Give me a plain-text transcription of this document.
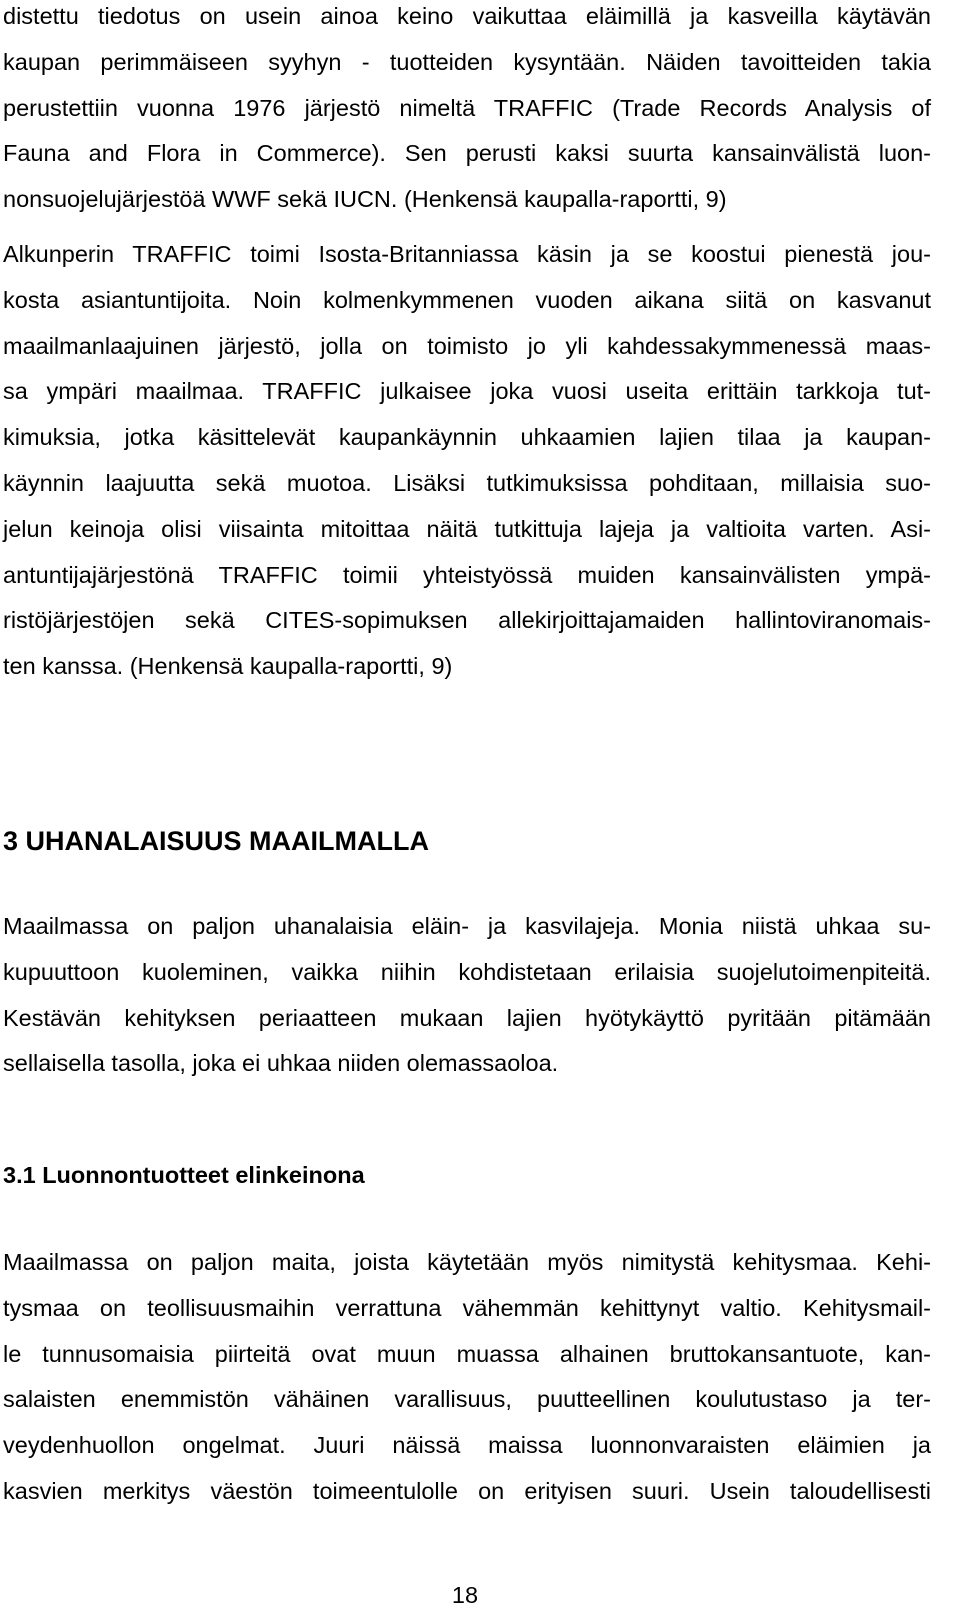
distettu tiedotus on usein ainoa keino vaikuttaa eläimillä ja kasveilla käytävän
kaupan perimmäiseen syyhyn - tuotteiden kysyntään. Näiden tavoitteiden takia
perustettiin vuonna 1976 järjestö nimeltä TRAFFIC (Trade Records Analysis of
Fauna and Flora in Commerce). Sen perusti kaksi suurta kansainvälistä luon-
nonsuojelujärjestöä WWF sekä IUCN. (Henkensä kaupalla-raportti, 9)
Alkunperin TRAFFIC toimi Isosta-Britanniassa käsin ja se koostui pienestä jou-
kosta asiantuntijoita. Noin kolmenkymmenen vuoden aikana siitä on kasvanut
maailmanlaajuinen järjestö, jolla on toimisto jo yli kahdessakymmenessä maas-
sa ympäri maailmaa. TRAFFIC julkaisee joka vuosi useita erittäin tarkkoja tut-
kimuksia, jotka käsittelevät kaupankäynnin uhkaamien lajien tilaa ja kaupan-
käynnin laajuutta sekä muotoa. Lisäksi tutkimuksissa pohditaan, millaisia suo-
jelun keinoja olisi viisainta mitoittaa näitä tutkittuja lajeja ja valtioita varten. Asi-
antuntijajärjestönä TRAFFIC toimii yhteistyössä muiden kansainvälisten ympä-
ristöjärjestöjen sekä CITES-sopimuksen allekirjoittajamaiden hallintoviranomais-
ten kanssa. (Henkensä kaupalla-raportti, 9)
3 UHANALAISUUS MAAILMALLA
Maailmassa on paljon uhanalaisia eläin- ja kasvilajeja. Monia niistä uhkaa su-
kupuuttoon kuoleminen, vaikka niihin kohdistetaan erilaisia suojelutoimenpiteitä.
Kestävän kehityksen periaatteen mukaan lajien hyötykäyttö pyritään pitämään
sellaisella tasolla, joka ei uhkaa niiden olemassaoloa.
3.1 Luonnontuotteet elinkeinona
Maailmassa on paljon maita, joista käytetään myös nimitystä kehitysmaa. Kehi-
tysmaa on teollisuusmaihin verrattuna vähemmän kehittynyt valtio. Kehitysmail-
le tunnusomaisia piirteitä ovat muun muassa alhainen bruttokansantuote, kan-
salaisten enemmistön vähäinen varallisuus, puutteellinen koulutustaso ja ter-
veydenhuollon ongelmat. Juuri näissä maissa luonnonvaraisten eläimien ja
kasvien merkitys väestön toimeentulolle on erityisen suuri. Usein taloudellisesti
18
